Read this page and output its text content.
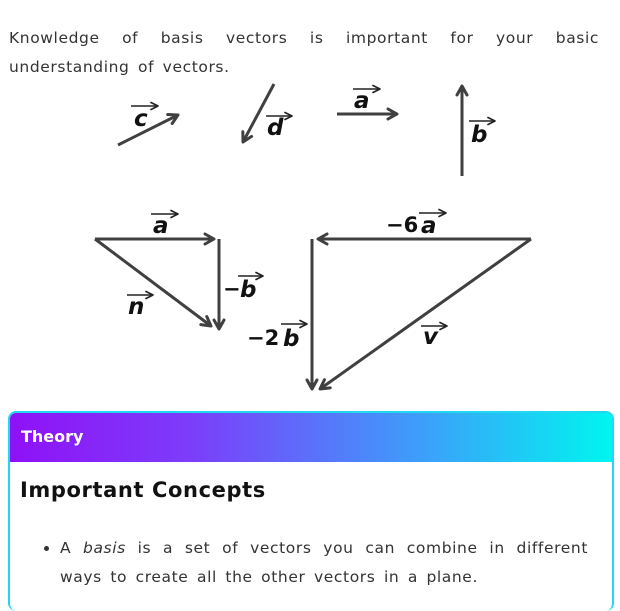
Knowledge of basis vectors is important for your basic understanding of vectors.

c	d
a
b
a
− b
n
−6 a
−2 b	v
Theory
Important Concepts
• A basis is a set of vectors you can combine in different ways to create all the other vectors in a plane.
